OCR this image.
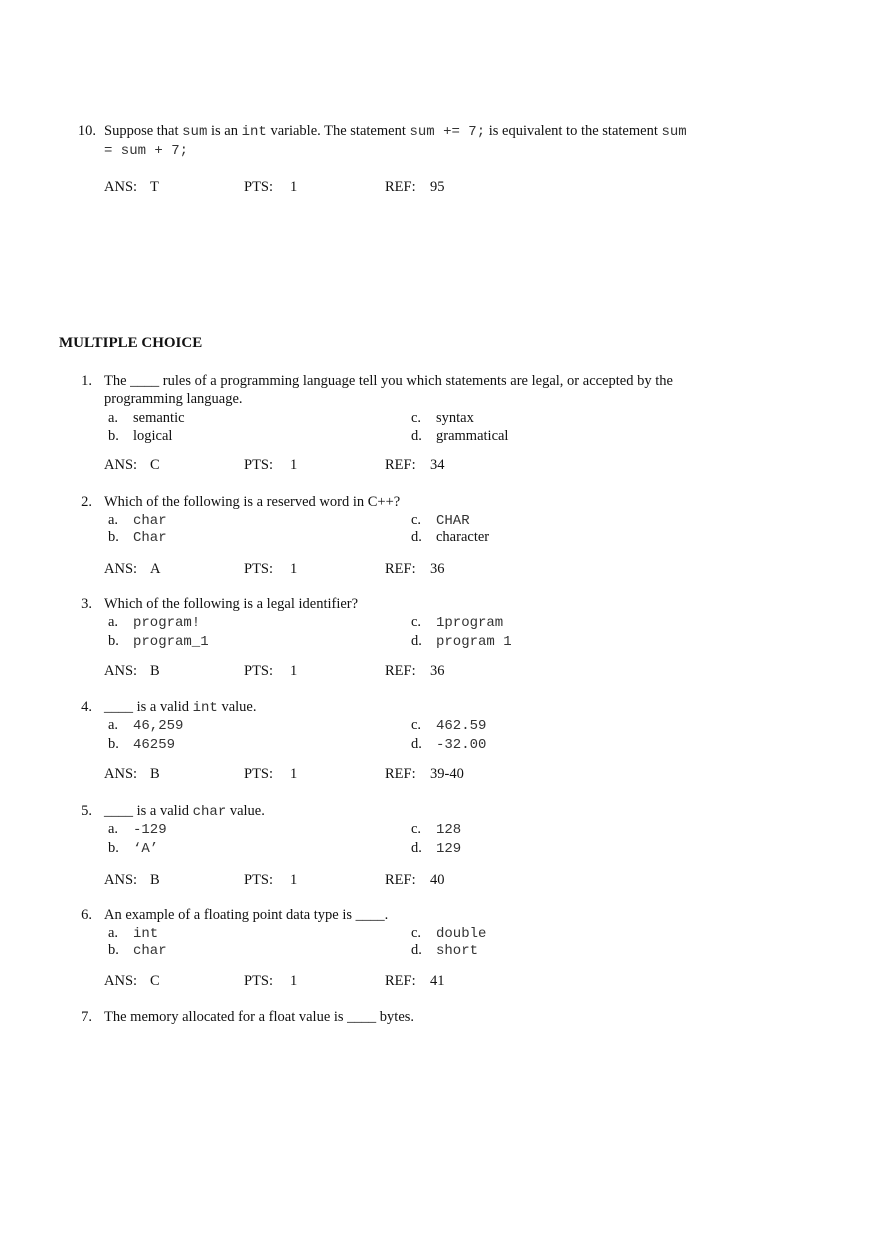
10. Suppose that sum is an int variable. The statement sum += 7; is equivalent to the statement sum
= sum + 7;
ANS: T	PTS: 1	REF: 95
MULTIPLE CHOICE
1. The ____ rules of a programming language tell you which statements are legal, or accepted by the
programming language.
a. semantic
b. logical
c. syntax
d. grammatical
ANS: C	PTS: 1	REF: 34
2. Which of the following is a reserved word in C++?
a. char
b. Char
c. CHAR
d. character
ANS: A	PTS: 1	REF: 36
3. Which of the following is a legal identifier?
a. program!
b. program_1
c. 1program
d. program 1
ANS: B	PTS: 1	REF: 36
4. ____ is a valid int value.
a. 46,259
b. 46259
c. 462.59
d. -32.00
ANS: B	PTS: 1	REF: 39-40
5. ____ is a valid char value.
a. -129
b. ‘A’
c. 128
d. 129
ANS: B	PTS: 1	REF: 40
6. An example of a floating point data type is ____.
a. int
b. char
c. double
d. short
ANS: C	PTS: 1	REF: 41
7. The memory allocated for a float value is ____ bytes.
